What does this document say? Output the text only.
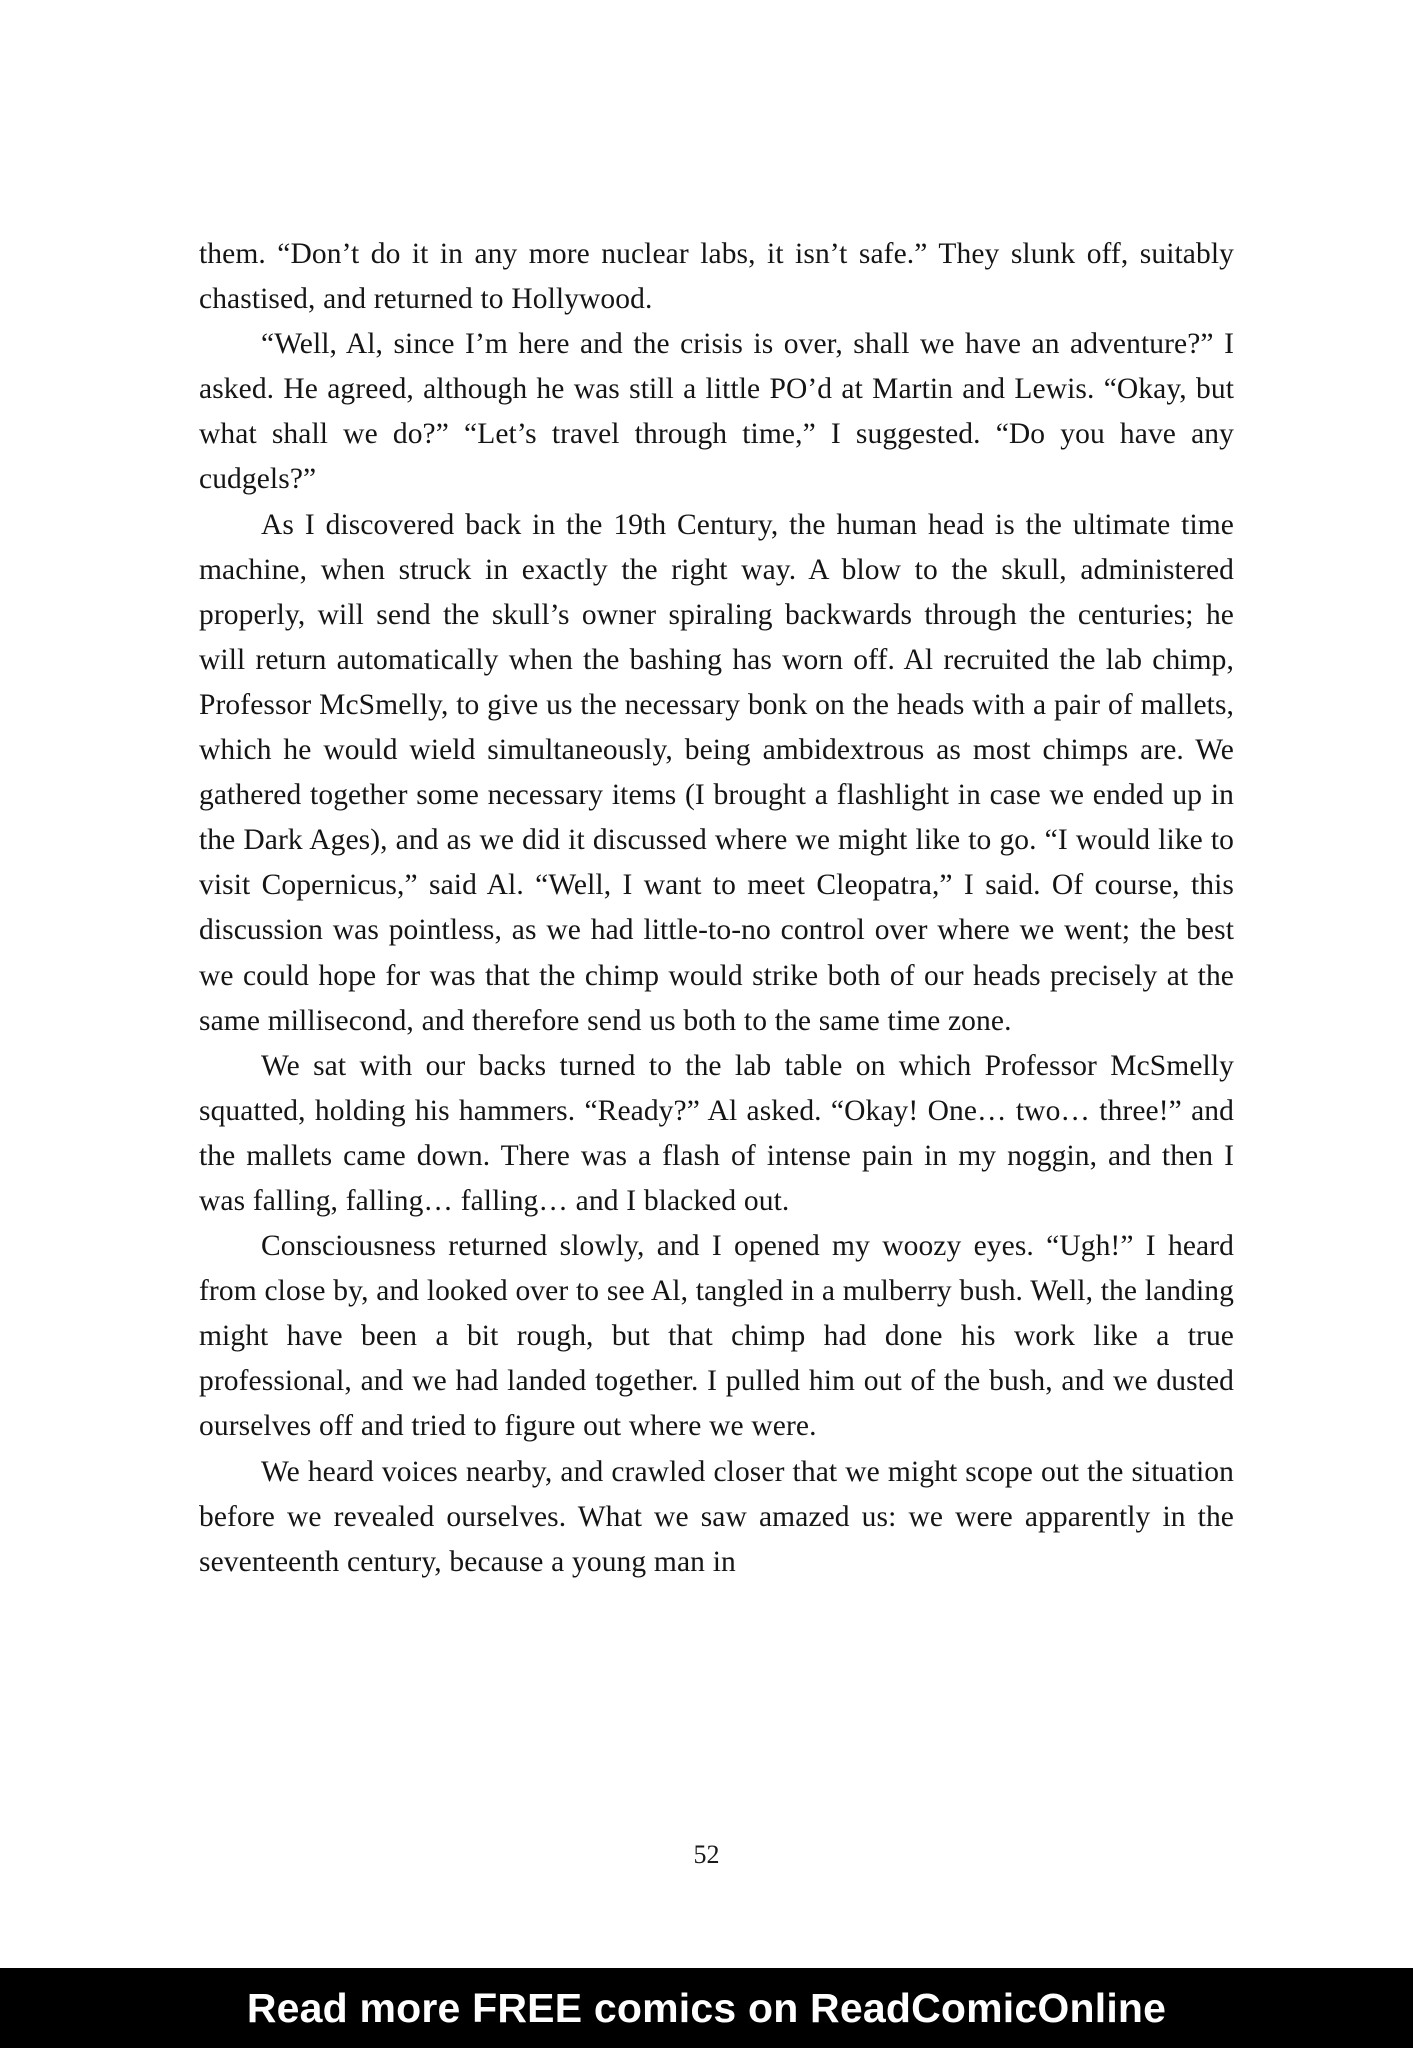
them. “Don’t do it in any more nuclear labs, it isn’t safe.” They slunk off, suitably chastised, and returned to Hollywood.

“Well, Al, since I’m here and the crisis is over, shall we have an adventure?” I asked. He agreed, although he was still a little PO’d at Martin and Lewis. “Okay, but what shall we do?” “Let’s travel through time,” I suggested. “Do you have any cudgels?”

As I discovered back in the 19th Century, the human head is the ultimate time machine, when struck in exactly the right way. A blow to the skull, administered properly, will send the skull’s owner spiraling backwards through the centuries; he will return automatically when the bashing has worn off. Al recruited the lab chimp, Professor McSmelly, to give us the necessary bonk on the heads with a pair of mallets, which he would wield simultaneously, being ambidextrous as most chimps are. We gathered together some necessary items (I brought a flashlight in case we ended up in the Dark Ages), and as we did it discussed where we might like to go. “I would like to visit Copernicus,” said Al. “Well, I want to meet Cleopatra,” I said. Of course, this discussion was pointless, as we had little-to-no control over where we went; the best we could hope for was that the chimp would strike both of our heads precisely at the same millisecond, and therefore send us both to the same time zone.

We sat with our backs turned to the lab table on which Professor McSmelly squatted, holding his hammers. “Ready?” Al asked. “Okay! One… two… three!” and the mallets came down. There was a flash of intense pain in my noggin, and then I was falling, falling… falling… and I blacked out.

Consciousness returned slowly, and I opened my woozy eyes. “Ugh!” I heard from close by, and looked over to see Al, tangled in a mulberry bush. Well, the landing might have been a bit rough, but that chimp had done his work like a true professional, and we had landed together. I pulled him out of the bush, and we dusted ourselves off and tried to figure out where we were.

We heard voices nearby, and crawled closer that we might scope out the situation before we revealed ourselves. What we saw amazed us: we were apparently in the seventeenth century, because a young man in

52
Read more FREE comics on ReadComicOnline
